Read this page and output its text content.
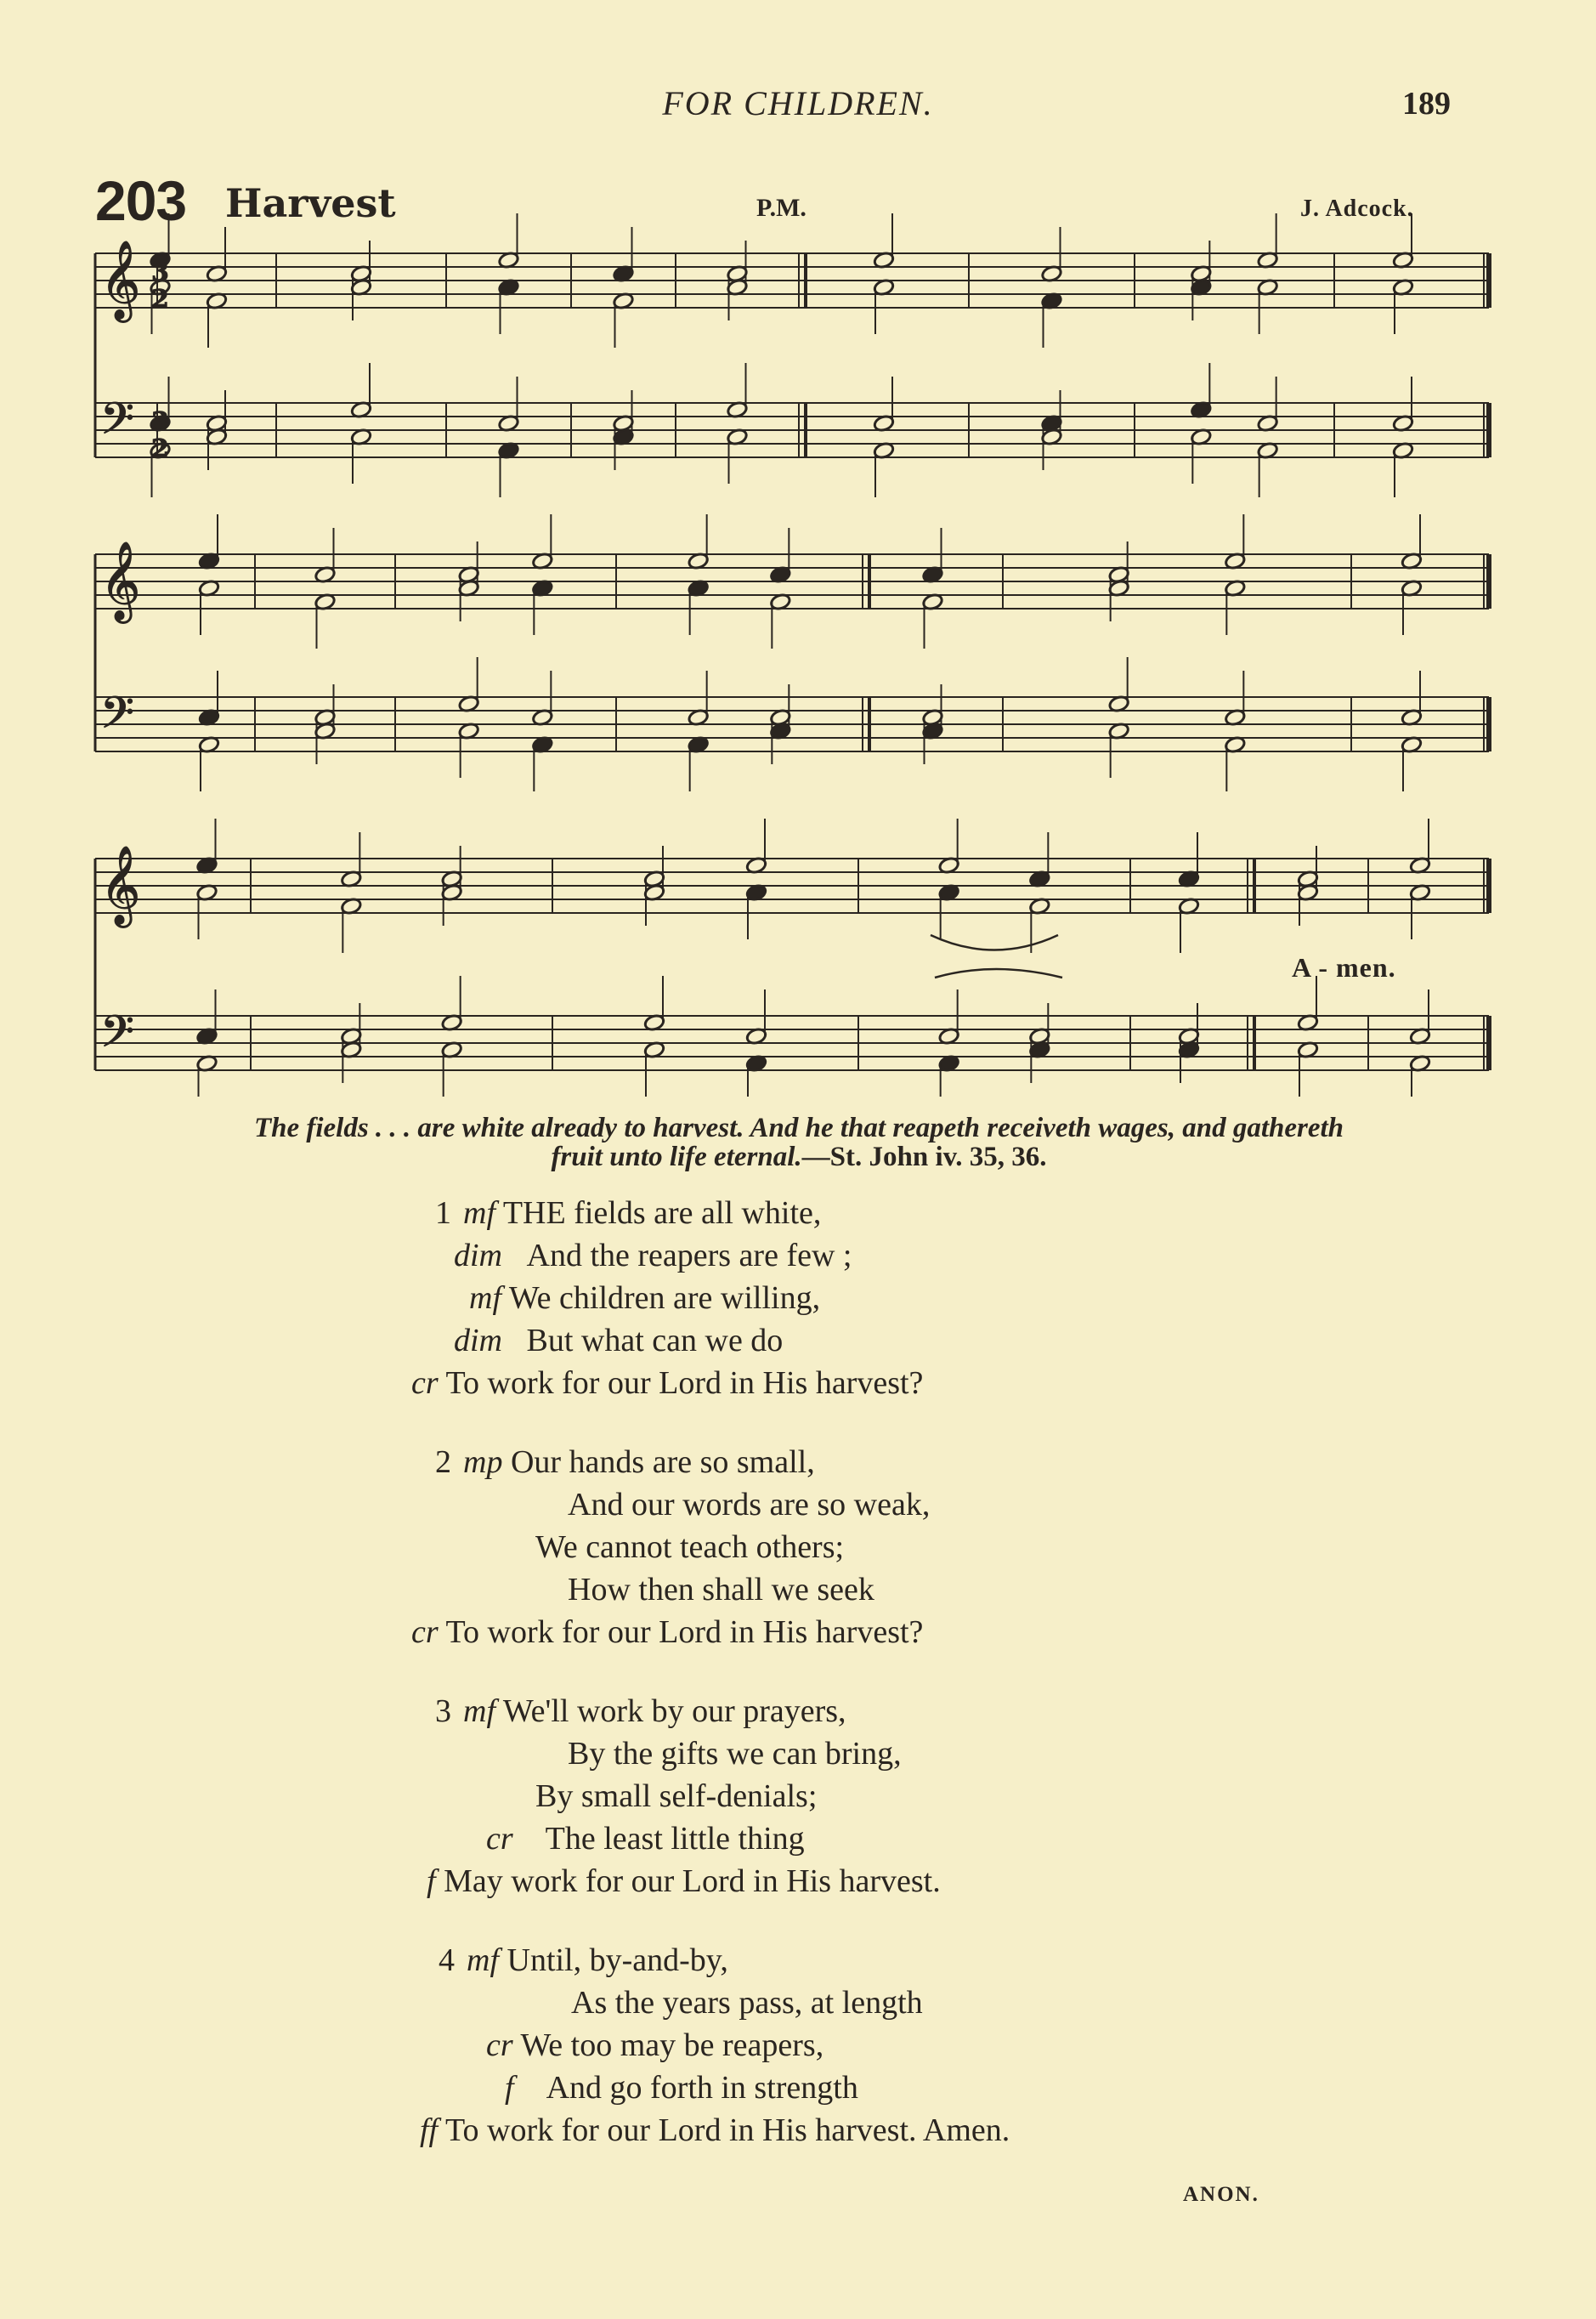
FOR CHILDREN.	189
203 Harvest	P.M.	J. Adcock.
𝄞
𝄢
𝄞
𝄢
𝄞
𝄢
3
2
3
2
A - men.
The fields . . . are white already to harvest. And he that reapeth receiveth wages, and gathereth
fruit unto life eternal.—St. John iv. 35, 36.
1 mf THE fields are all white,
dim And the reapers are few ;
mf We children are willing,
dim But what can we do
cr To work for our Lord in His harvest?
2 mp Our hands are so small,
And our words are so weak,
We cannot teach others;
How then shall we seek
cr To work for our Lord in His harvest?
3 mf We'll work by our prayers,
By the gifts we can bring,
By small self-denials;
cr The least little thing
f May work for our Lord in His harvest.
4 mf Until, by-and-by,
As the years pass, at length
cr We too may be reapers,
f And go forth in strength
ff To work for our Lord in His harvest. Amen.
ANON.
